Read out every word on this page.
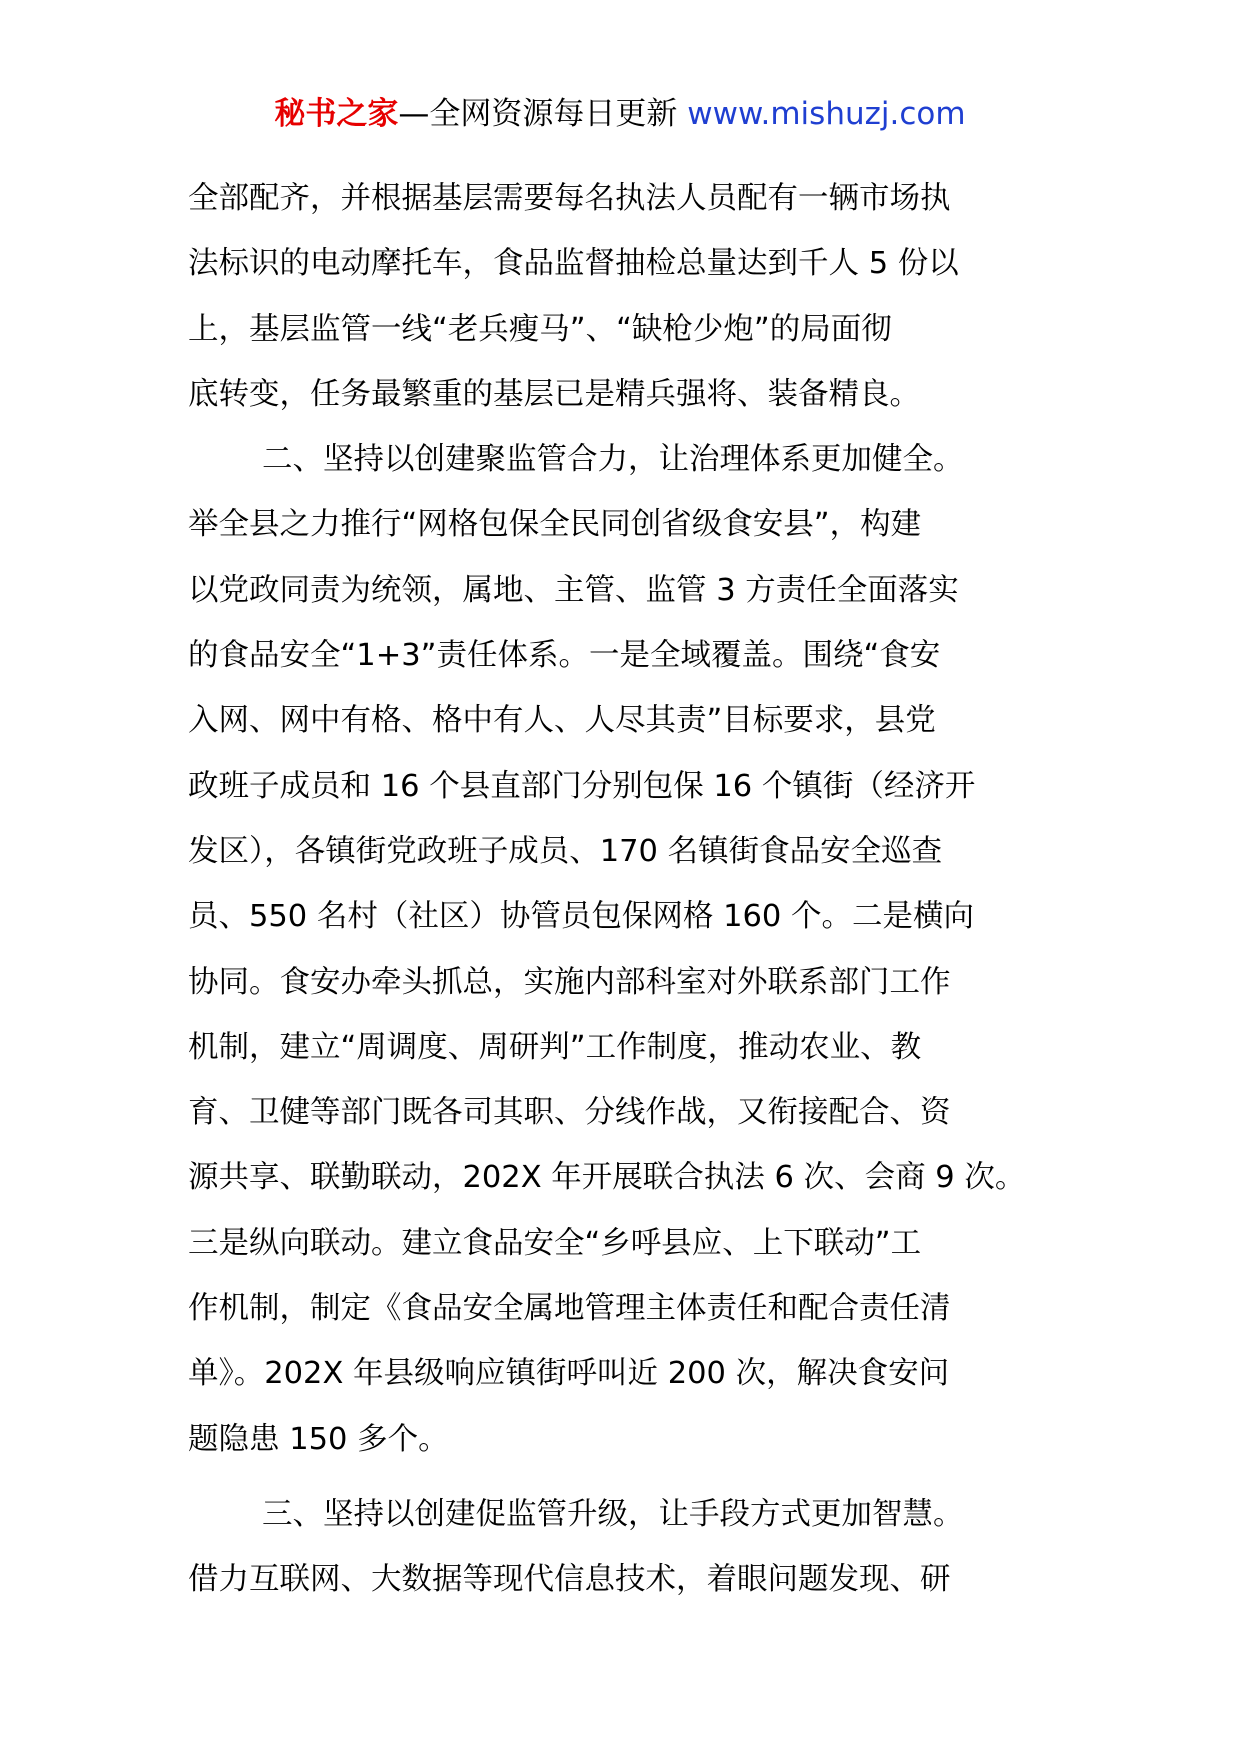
秘书之家—全网资源每日更新 www.mishuzj.com
全部配齐，并根据基层需要每名执法人员配有一辆市场执
法标识的电动摩托车，食品监督抽检总量达到千人 5 份以
上，基层监管一线“老兵瘦马”、“缺枪少炮”的局面彻
底转变，任务最繁重的基层已是精兵强将、装备精良。
二、坚持以创建聚监管合力，让治理体系更加健全。
举全县之力推行“网格包保全民同创省级食安县”，构建
以党政同责为统领，属地、主管、监管 3 方责任全面落实
的食品安全“1+3”责任体系。一是全域覆盖。围绕“食安
入网、网中有格、格中有人、人尽其责”目标要求，县党
政班子成员和 16 个县直部门分别包保 16 个镇街（经济开
发区），各镇街党政班子成员、170 名镇街食品安全巡查
员、550 名村（社区）协管员包保网格 160 个。二是横向
协同。食安办牵头抓总，实施内部科室对外联系部门工作
机制，建立“周调度、周研判”工作制度，推动农业、教
育、卫健等部门既各司其职、分线作战，又衔接配合、资
源共享、联勤联动，202X 年开展联合执法 6 次、会商 9 次。
三是纵向联动。建立食品安全“乡呼县应、上下联动”工
作机制，制定《食品安全属地管理主体责任和配合责任清
单》。202X 年县级响应镇街呼叫近 200 次，解决食安问
题隐患 150 多个。
三、坚持以创建促监管升级，让手段方式更加智慧。
借力互联网、大数据等现代信息技术，着眼问题发现、研
